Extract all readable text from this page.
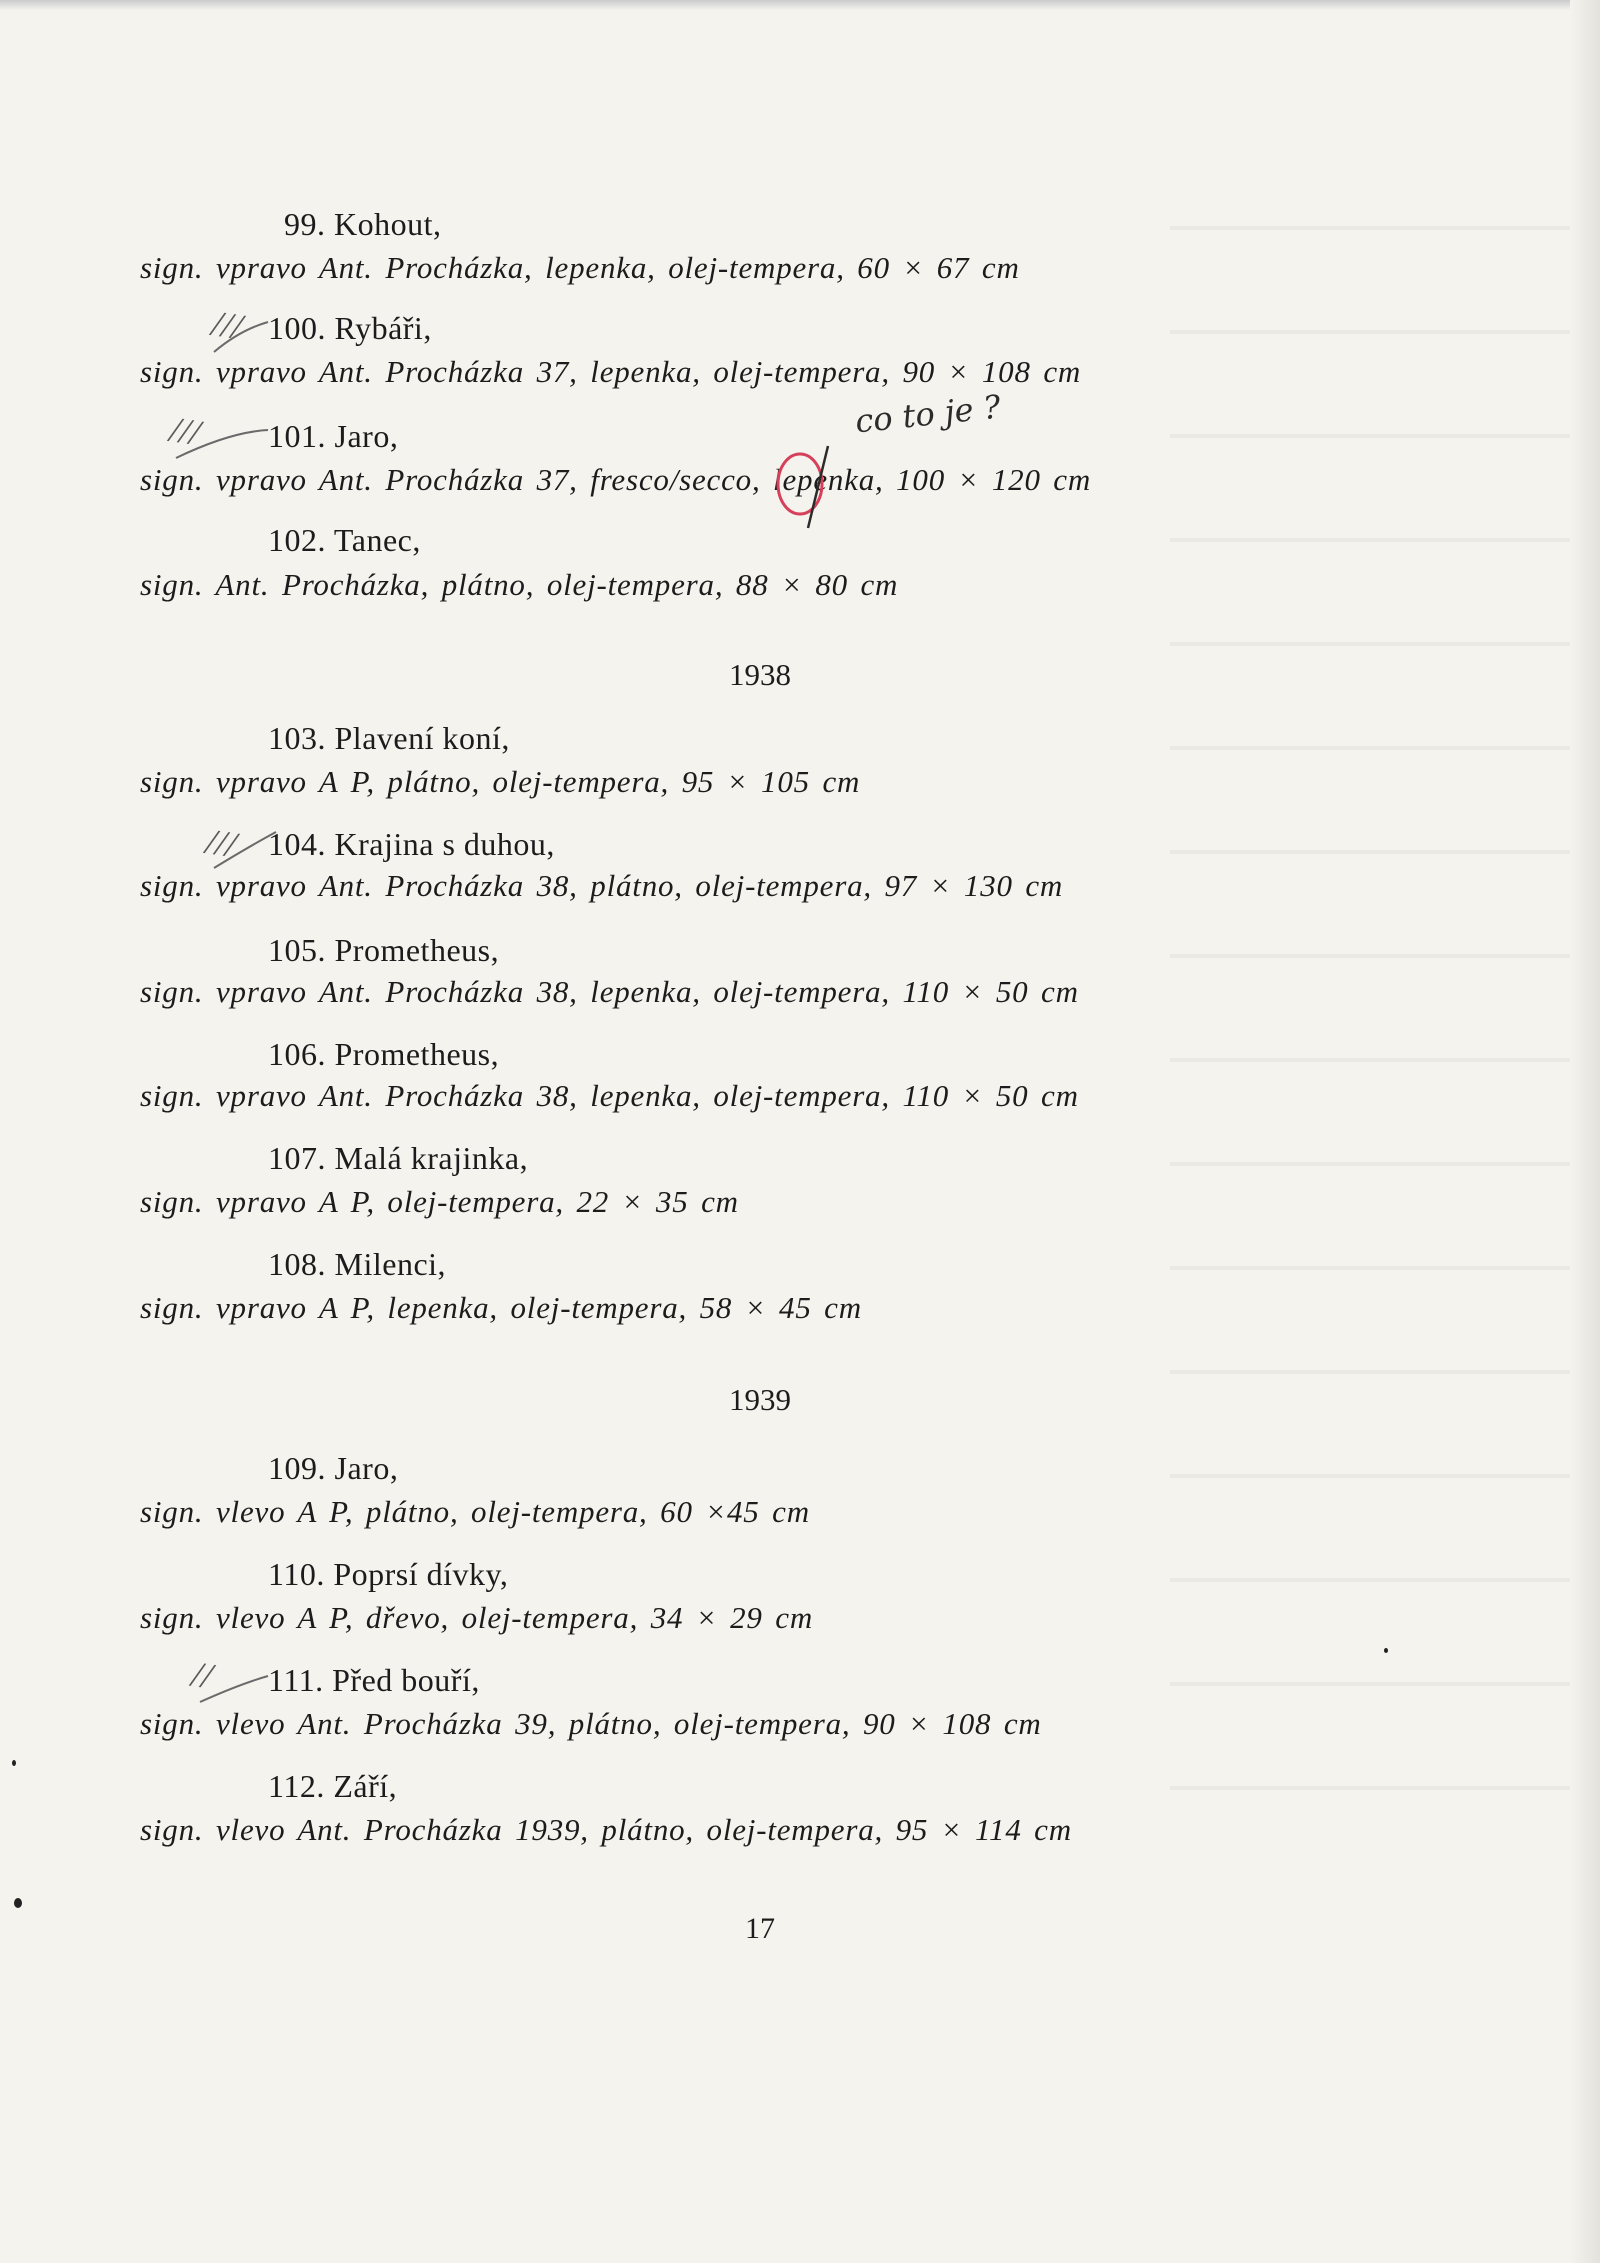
99. Kohout,
sign. vpravo Ant. Procházka, lepenka, olej-tempera, 60 × 67 cm
100. Rybáři,
sign. vpravo Ant. Procházka 37, lepenka, olej-tempera, 90 × 108 cm
101. Jaro,
sign. vpravo Ant. Procházka 37, fresco/secco, lepenka, 100 × 120 cm
102. Tanec,
sign. Ant. Procházka, plátno, olej-tempera, 88 × 80 cm
1938
103. Plavení koní,
sign. vpravo A P, plátno, olej-tempera, 95 × 105 cm
104. Krajina s duhou,
sign. vpravo Ant. Procházka 38, plátno, olej-tempera, 97 × 130 cm
105. Prometheus,
sign. vpravo Ant. Procházka 38, lepenka, olej-tempera, 110 × 50 cm
106. Prometheus,
sign. vpravo Ant. Procházka 38, lepenka, olej-tempera, 110 × 50 cm
107. Malá krajinka,
sign. vpravo A P, olej-tempera, 22 × 35 cm
108. Milenci,
sign. vpravo A P, lepenka, olej-tempera, 58 × 45 cm
1939
109. Jaro,
sign. vlevo A P, plátno, olej-tempera, 60 ×45 cm
110. Poprsí dívky,
sign. vlevo A P, dřevo, olej-tempera, 34 × 29 cm
111. Před bouří,
sign. vlevo Ant. Procházka 39, plátno, olej-tempera, 90 × 108 cm
112. Září,
sign. vlevo Ant. Procházka 1939, plátno, olej-tempera, 95 × 114 cm
17
///
///
///
//
co to je ?
